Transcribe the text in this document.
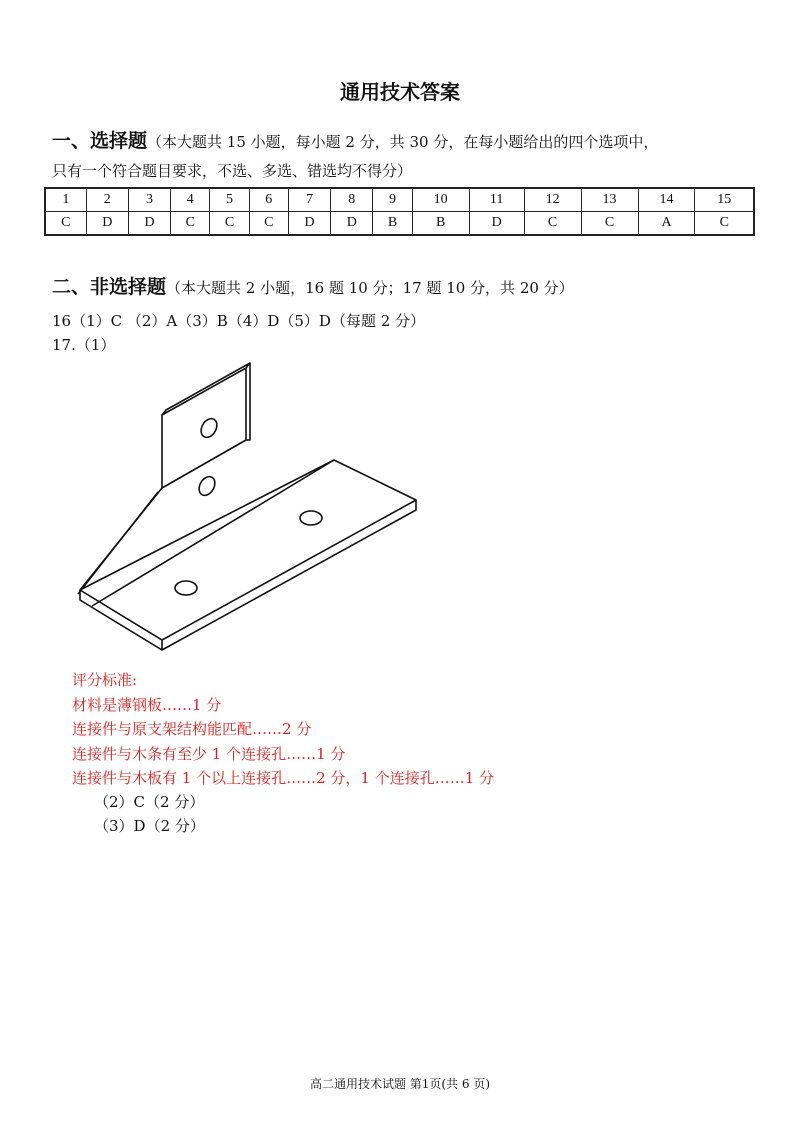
通用技术答案
一、选择题（本大题共 15 小题，每小题 2 分，共 30 分，在每小题给出的四个选项中，
只有一个符合题目要求，不选、多选、错选均不得分）
1	2	3	4	5	6	7	8	9	10	11	12	13	14	15
C	D	D	C	C	C	D	D	B	B	D	C	C	A	C
二、非选择题（本大题共 2 小题，16 题 10 分；17 题 10 分，共 20 分）
16（1）C （2）A（3）B（4）D（5）D（每题 2 分）
17.（1）
评分标准:
材料是薄钢板……1 分
连接件与原支架结构能匹配……2 分
连接件与木条有至少 1 个连接孔……1 分
连接件与木板有 1 个以上连接孔……2 分，1 个连接孔……1 分
（2）C（2 分）
（3）D（2 分）
高二通用技术试题 第1页(共 6 页)
